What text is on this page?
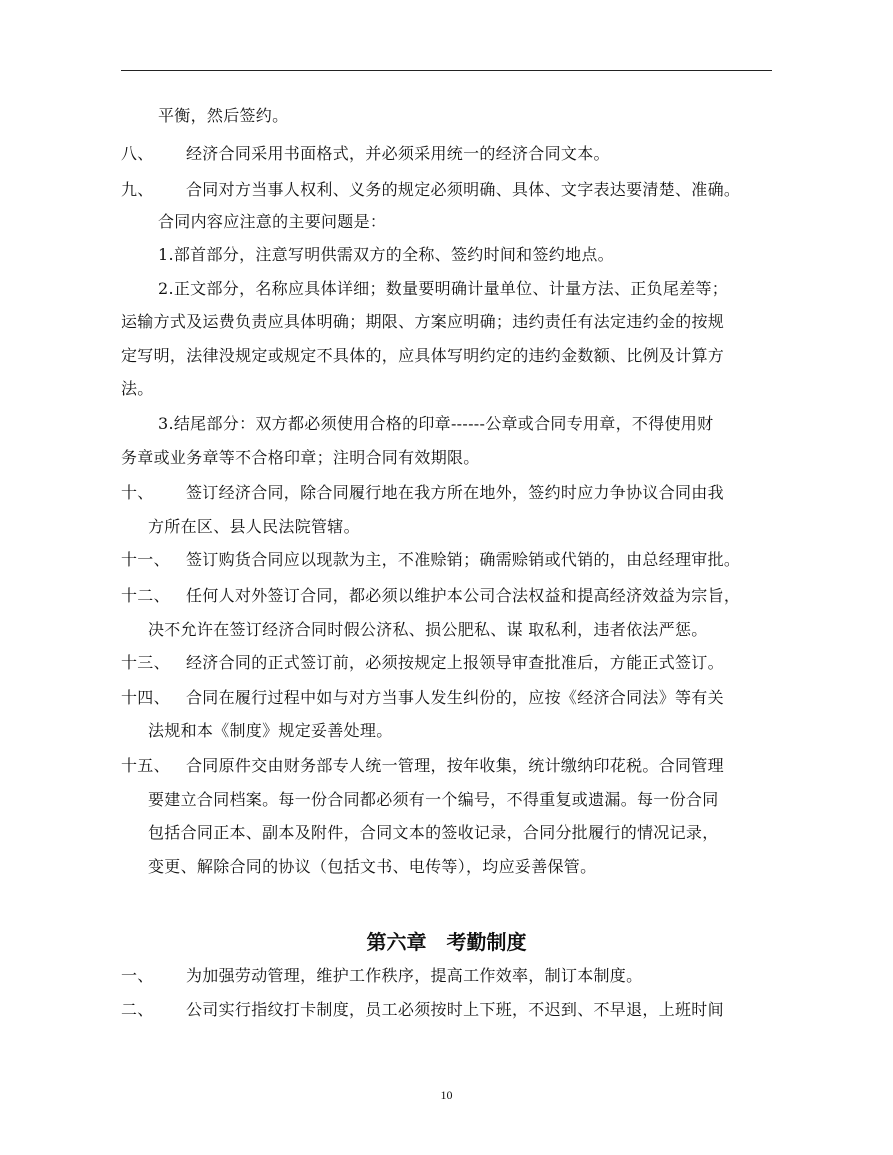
平衡，然后签约。
八、 经济合同采用书面格式，并必须采用统一的经济合同文本。
九、 合同对方当事人权利、义务的规定必须明确、具体、文字表达要清楚、准确。
合同内容应注意的主要问题是：
1.部首部分，注意写明供需双方的全称、签约时间和签约地点。
2.正文部分，名称应具体详细；数量要明确计量单位、计量方法、正负尾差等；
运输方式及运费负责应具体明确；期限、方案应明确；违约责任有法定违约金的按规
定写明，法律没规定或规定不具体的，应具体写明约定的违约金数额、比例及计算方
法。
3.结尾部分：双方都必须使用合格的印章------公章或合同专用章，不得使用财
务章或业务章等不合格印章；注明合同有效期限。
十、 签订经济合同，除合同履行地在我方所在地外，签约时应力争协议合同由我
方所在区、县人民法院管辖。
十一、 签订购货合同应以现款为主，不准赊销；确需赊销或代销的，由总经理审批。
十二、 任何人对外签订合同，都必须以维护本公司合法权益和提高经济效益为宗旨，
决不允许在签订经济合同时假公济私、损公肥私、谋 取私利，违者依法严惩。
十三、 经济合同的正式签订前，必须按规定上报领导审查批准后，方能正式签订。
十四、 合同在履行过程中如与对方当事人发生纠份的，应按《经济合同法》等有关
法规和本《制度》规定妥善处理。
十五、 合同原件交由财务部专人统一管理，按年收集，统计缴纳印花税。合同管理
要建立合同档案。每一份合同都必须有一个编号，不得重复或遗漏。每一份合同
包括合同正本、副本及附件，合同文本的签收记录，合同分批履行的情况记录，
变更、解除合同的协议（包括文书、电传等），均应妥善保管。
第六章　考勤制度
一、 为加强劳动管理，维护工作秩序，提高工作效率，制订本制度。
二、 公司实行指纹打卡制度，员工必须按时上下班，不迟到、不早退，上班时间
10
